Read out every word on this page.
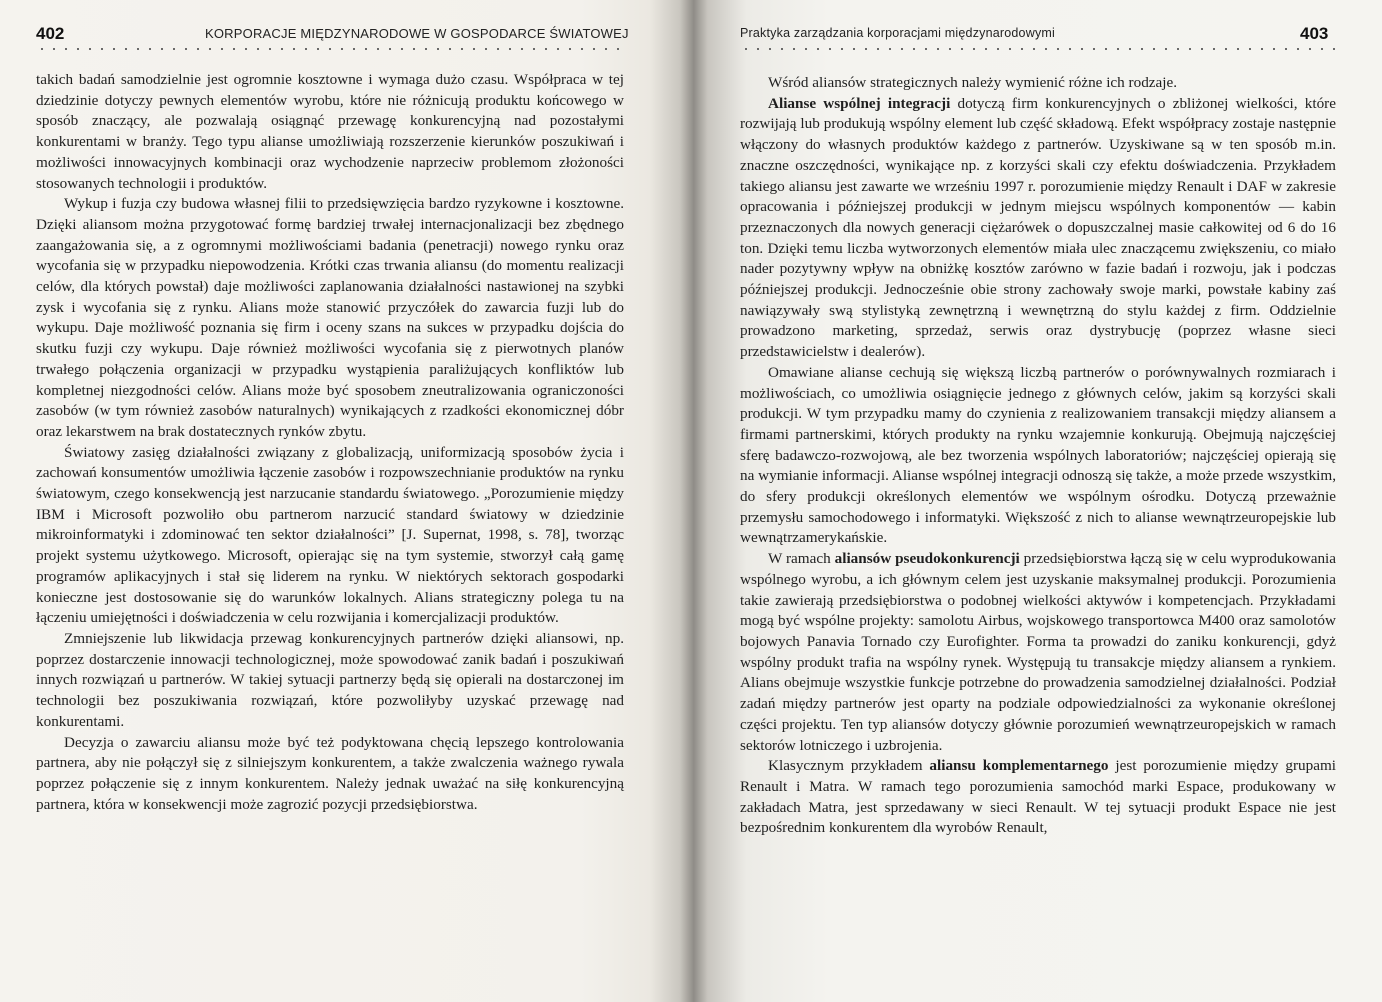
402	KORPORACJE MIĘDZYNARODOWE W GOSPODARCE ŚWIATOWEJ

takich badań samodzielnie jest ogromnie kosztowne i wymaga dużo czasu. Współpraca w tej dziedzinie dotyczy pewnych elementów wyrobu, które nie różnicują produktu końcowego w sposób znaczący, ale pozwalają osiągnąć przewagę konkurencyjną nad pozostałymi konkurentami w branży. Tego typu alianse umożliwiają rozszerzenie kierunków poszukiwań i możliwości innowacyjnych kombinacji oraz wychodzenie naprzeciw problemom złożoności stosowanych technologii i produktów.

Wykup i fuzja czy budowa własnej filii to przedsięwzięcia bardzo ryzykowne i kosztowne. Dzięki aliansom można przygotować formę bardziej trwałej internacjonalizacji bez zbędnego zaangażowania się, a z ogromnymi możliwościami badania (penetracji) nowego rynku oraz wycofania się w przypadku niepowodzenia. Krótki czas trwania aliansu (do momentu realizacji celów, dla których powstał) daje możliwości zaplanowania działalności nastawionej na szybki zysk i wycofania się z rynku. Alians może stanowić przyczółek do zawarcia fuzji lub do wykupu. Daje możliwość poznania się firm i oceny szans na sukces w przypadku dojścia do skutku fuzji czy wykupu. Daje również możliwości wycofania się z pierwotnych planów trwałego połączenia organizacji w przypadku wystąpienia paraliżujących konfliktów lub kompletnej niezgodności celów. Alians może być sposobem zneutralizowania ograniczoności zasobów (w tym również zasobów naturalnych) wynikających z rzadkości ekonomicznej dóbr oraz lekarstwem na brak dostatecznych rynków zbytu.

Światowy zasięg działalności związany z globalizacją, uniformizacją sposobów życia i zachowań konsumentów umożliwia łączenie zasobów i rozpowszechnianie produktów na rynku światowym, czego konsekwencją jest narzucanie standardu światowego. „Porozumienie między IBM i Microsoft pozwoliło obu partnerom narzucić standard światowy w dziedzinie mikroinformatyki i zdominować ten sektor działalności” [J. Supernat, 1998, s. 78], tworząc projekt systemu użytkowego. Microsoft, opierając się na tym systemie, stworzył całą gamę programów aplikacyjnych i stał się liderem na rynku. W niektórych sektorach gospodarki konieczne jest dostosowanie się do warunków lokalnych. Alians strategiczny polega tu na łączeniu umiejętności i doświadczenia w celu rozwijania i komercjalizacji produktów.

Zmniejszenie lub likwidacja przewag konkurencyjnych partnerów dzięki aliansowi, np. poprzez dostarczenie innowacji technologicznej, może spowodować zanik badań i poszukiwań innych rozwiązań u partnerów. W takiej sytuacji partnerzy będą się opierali na dostarczonej im technologii bez poszukiwania rozwiązań, które pozwoliłyby uzyskać przewagę nad konkurentami.

Decyzja o zawarciu aliansu może być też podyktowana chęcią lepszego kontrolowania partnera, aby nie połączył się z silniejszym konkurentem, a także zwalczenia ważnego rywala poprzez połączenie się z innym konkurentem. Należy jednak uważać na siłę konkurencyjną partnera, która w konsekwencji może zagrozić pozycji przedsiębiorstwa.

Praktyka zarządzania korporacjami międzynarodowymi	403

Wśród aliansów strategicznych należy wymienić różne ich rodzaje.

Alianse wspólnej integracji dotyczą firm konkurencyjnych o zbliżonej wielkości, które rozwijają lub produkują wspólny element lub część składową. Efekt współpracy zostaje następnie włączony do własnych produktów każdego z partnerów. Uzyskiwane są w ten sposób m.in. znaczne oszczędności, wynikające np. z korzyści skali czy efektu doświadczenia. Przykładem takiego aliansu jest zawarte we wrześniu 1997 r. porozumienie między Renault i DAF w zakresie opracowania i późniejszej produkcji w jednym miejscu wspólnych komponentów — kabin przeznaczonych dla nowych generacji ciężarówek o dopuszczalnej masie całkowitej od 6 do 16 ton. Dzięki temu liczba wytworzonych elementów miała ulec znaczącemu zwiększeniu, co miało nader pozytywny wpływ na obniżkę kosztów zarówno w fazie badań i rozwoju, jak i podczas późniejszej produkcji. Jednocześnie obie strony zachowały swoje marki, powstałe kabiny zaś nawiązywały swą stylistyką zewnętrzną i wewnętrzną do stylu każdej z firm. Oddzielnie prowadzono marketing, sprzedaż, serwis oraz dystrybucję (poprzez własne sieci przedstawicielstw i dealerów).

Omawiane alianse cechują się większą liczbą partnerów o porównywalnych rozmiarach i możliwościach, co umożliwia osiągnięcie jednego z głównych celów, jakim są korzyści skali produkcji. W tym przypadku mamy do czynienia z realizowaniem transakcji między aliansem a firmami partnerskimi, których produkty na rynku wzajemnie konkurują. Obejmują najczęściej sferę badawczo-rozwojową, ale bez tworzenia wspólnych laboratoriów; najczęściej opierają się na wymianie informacji. Alianse wspólnej integracji odnoszą się także, a może przede wszystkim, do sfery produkcji określonych elementów we wspólnym ośrodku. Dotyczą przeważnie przemysłu samochodowego i informatyki. Większość z nich to alianse wewnątrzeuropejskie lub wewnątrzamerykańskie.

W ramach aliansów pseudokonkurencji przedsiębiorstwa łączą się w celu wyprodukowania wspólnego wyrobu, a ich głównym celem jest uzyskanie maksymalnej produkcji. Porozumienia takie zawierają przedsiębiorstwa o podobnej wielkości aktywów i kompetencjach. Przykładami mogą być wspólne projekty: samolotu Airbus, wojskowego transportowca M400 oraz samolotów bojowych Panavia Tornado czy Eurofighter. Forma ta prowadzi do zaniku konkurencji, gdyż wspólny produkt trafia na wspólny rynek. Występują tu transakcje między aliansem a rynkiem. Alians obejmuje wszystkie funkcje potrzebne do prowadzenia samodzielnej działalności. Podział zadań między partnerów jest oparty na podziale odpowiedzialności za wykonanie określonej części projektu. Ten typ aliansów dotyczy głównie porozumień wewnątrzeuropejskich w ramach sektorów lotniczego i uzbrojenia.

Klasycznym przykładem aliansu komplementarnego jest porozumienie między grupami Renault i Matra. W ramach tego porozumienia samochód marki Espace, produkowany w zakładach Matra, jest sprzedawany w sieci Renault. W tej sytuacji produkt Espace nie jest bezpośrednim konkurentem dla wyrobów Renault,
